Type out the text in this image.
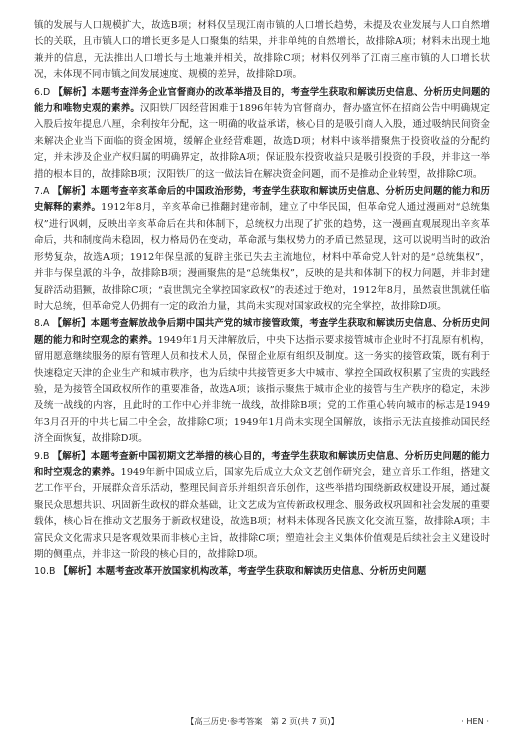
镇的发展与人口规模扩大，故选B项；材料仅呈现江南市镇的人口增长趋势，未提及农业发展与人口自然增长的关联，且市镇人口的增长更多是人口聚集的结果，并非单纯的自然增长，故排除A项；材料未出现土地兼并的信息，无法推出人口增长与土地兼并相关，故排除C项；材料仅列举了江南三座市镇的人口增长状况，未体现不同市镇之间发展速度、规模的差异，故排除D项。
6.D 【解析】本题考查洋务企业官督商办的改革举措及目的，考查学生获取和解读历史信息、分析历史问题的能力和唯物史观的素养。汉阳铁厂因经营困难于1896年转为官督商办，督办盛宣怀在招商公告中明确规定入股后按年提息八厘，余利按年分配，这一明确的收益承诺，核心目的是吸引商人入股，通过吸纳民间资金来解决企业当下面临的资金困境，缓解企业经营难题，故选D项；材料中该举措聚焦于投资收益的分配约定，并未涉及企业产权归属的明确界定，故排除A项；保证股东投资收益只是吸引投资的手段，并非这一举措的根本目的，故排除B项；汉阳铁厂的这一做法旨在解决资金问题，而不是推动企业转型，故排除C项。
7.A 【解析】本题考查辛亥革命后的中国政治形势，考查学生获取和解读历史信息、分析历史问题的能力和历史解释的素养。1912年8月，辛亥革命已推翻封建帝制，建立了中华民国，但革命党人通过漫画对“总统集权”进行讽刺，反映出辛亥革命后在共和体制下，总统权力出现了扩张的趋势，这一漫画直观展现出辛亥革命后，共和制度尚未稳固，权力格局仍在变动，革命派与集权势力的矛盾已然显现，这可以说明当时的政治形势复杂，故选A项；1912年保皇派的复辟主张已失去主流地位，材料中革命党人针对的是“总统集权”，并非与保皇派的斗争，故排除B项；漫画聚焦的是“总统集权”，反映的是共和体制下的权力问题，并非封建复辟活动猖獗，故排除C项；“袁世凯完全掌控国家政权”的表述过于绝对，1912年8月，虽然袁世凯就任临时大总统，但革命党人仍拥有一定的政治力量，其尚未实现对国家政权的完全掌控，故排除D项。
8.A 【解析】本题考查解放战争后期中国共产党的城市接管政策，考查学生获取和解读历史信息、分析历史问题的能力和时空观念的素养。1949年1月天津解放后，中央下达指示要求接管城市企业时不打乱原有机构，留用愿意继续服务的原有管理人员和技术人员，保留企业原有组织及制度。这一务实的接管政策，既有利于快速稳定天津的企业生产和城市秩序，也为后续中共接管更多大中城市、掌控全国政权积累了宝贵的实践经验，是为接管全国政权所作的重要准备，故选A项；该指示聚焦于城市企业的接管与生产秩序的稳定，未涉及统一战线的内容，且此时的工作中心并非统一战线，故排除B项；党的工作重心转向城市的标志是1949年3月召开的中共七届二中全会，故排除C项；1949年1月尚未实现全国解放，该指示无法直接推动国民经济全面恢复，故排除D项。
9.B 【解析】本题考查新中国初期文艺举措的核心目的，考查学生获取和解读历史信息、分析历史问题的能力和时空观念的素养。1949年新中国成立后，国家先后成立大众文艺创作研究会，建立音乐工作组，搭建文艺工作平台，开展群众音乐活动，整理民间音乐并组织音乐创作，这些举措均围绕新政权建设开展，通过凝聚民众思想共识、巩固新生政权的群众基础，让文艺成为宣传新政权理念、服务政权巩固和社会发展的重要载体，核心旨在推动文艺服务于新政权建设，故选B项；材料未体现各民族文化交流互鉴，故排除A项；丰富民众文化需求只是客观效果而非核心主旨，故排除C项；塑造社会主义集体价值观是后续社会主义建设时期的侧重点，并非这一阶段的核心目的，故排除D项。
10.B 【解析】本题考查改革开放国家机构改革，考查学生获取和解读历史信息、分析历史问题
【高三历史·参考答案　第 2 页(共 7 页)】	· HEN ·
